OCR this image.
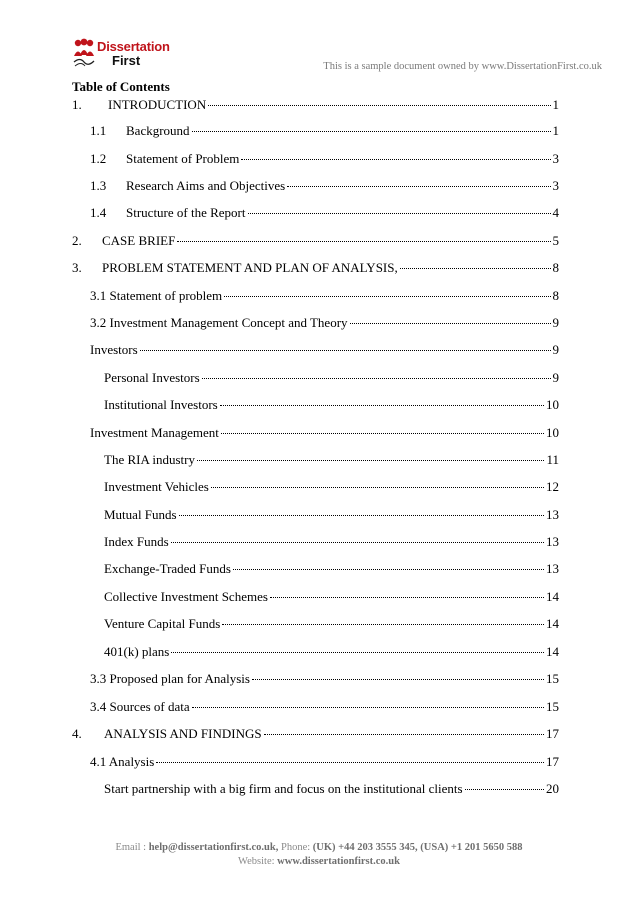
Dissertation
First	This is a sample document owned by www.DissertationFirst.co.uk
Table of Contents
1.	INTRODUCTION	1
1.1	Background	1
1.2	Statement of Problem	3
1.3	Research Aims and Objectives	3
1.4	Structure of the Report	4
2.	CASE BRIEF	5
3.	PROBLEM STATEMENT AND PLAN OF ANALYSIS,	8
3.1 Statement of problem	8
3.2 Investment Management Concept and Theory	9
Investors	9
Personal Investors	9
Institutional Investors	10
Investment Management	10
The RIA industry	11
Investment Vehicles	12
Mutual Funds	13
Index Funds	13
Exchange-Traded Funds	13
Collective Investment Schemes	14
Venture Capital Funds	14
401(k) plans	14
3.3 Proposed plan for Analysis	15
3.4 Sources of data	15
4.	ANALYSIS AND FINDINGS	17
4.1 Analysis	17
Start partnership with a big firm and focus on the institutional clients	20
Email : help@dissertationfirst.co.uk, Phone: (UK) +44 203 3555 345, (USA) +1 201 5650 588
Website: www.dissertationfirst.co.uk
